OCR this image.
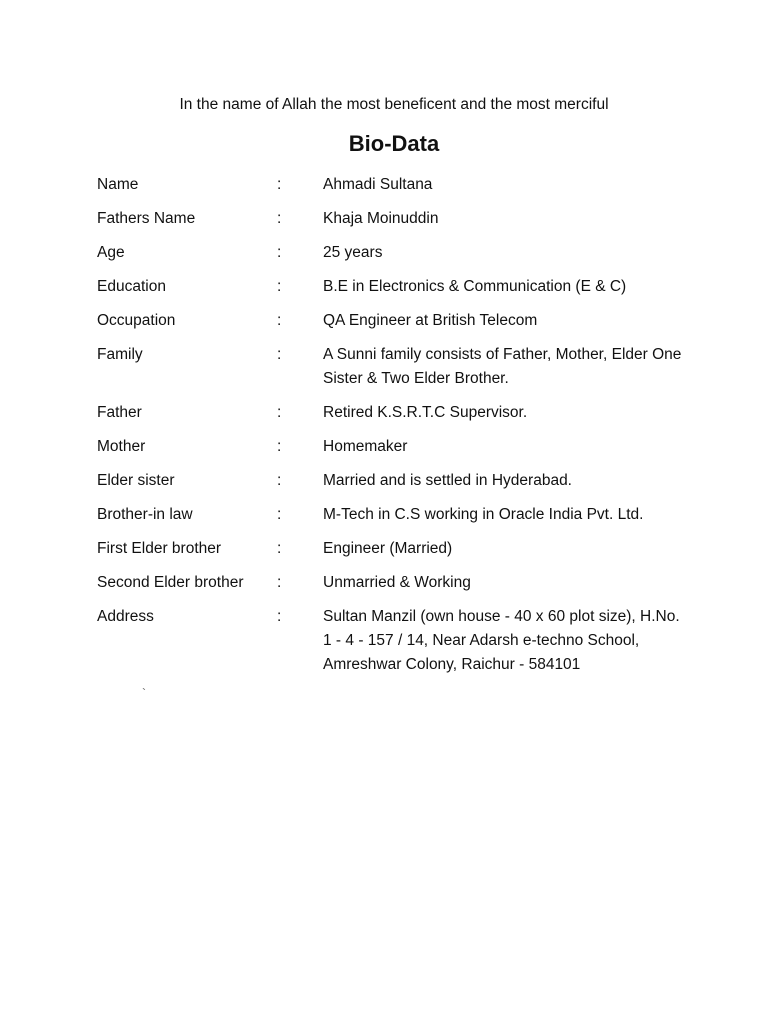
In the name of Allah the most beneficent and the most merciful
Bio-Data
Name	:	Ahmadi Sultana
Fathers Name	:	Khaja Moinuddin
Age	:	25 years
Education	:	B.E in Electronics & Communication (E & C)
Occupation	:	QA Engineer at British Telecom
Family	:	A Sunni family consists of Father, Mother, Elder One Sister & Two Elder Brother.
Father	:	Retired K.S.R.T.C Supervisor.
Mother	:	Homemaker
Elder sister	:	Married and is settled in Hyderabad.
Brother-in law	:	M-Tech in C.S working in Oracle India Pvt. Ltd.
First Elder brother	:	Engineer (Married)
Second Elder brother	:	Unmarried & Working
Address	:	Sultan Manzil (own house - 40 x 60 plot size), H.No. 1 - 4 - 157 / 14, Near Adarsh e-techno School, Amreshwar Colony, Raichur - 584101
`
